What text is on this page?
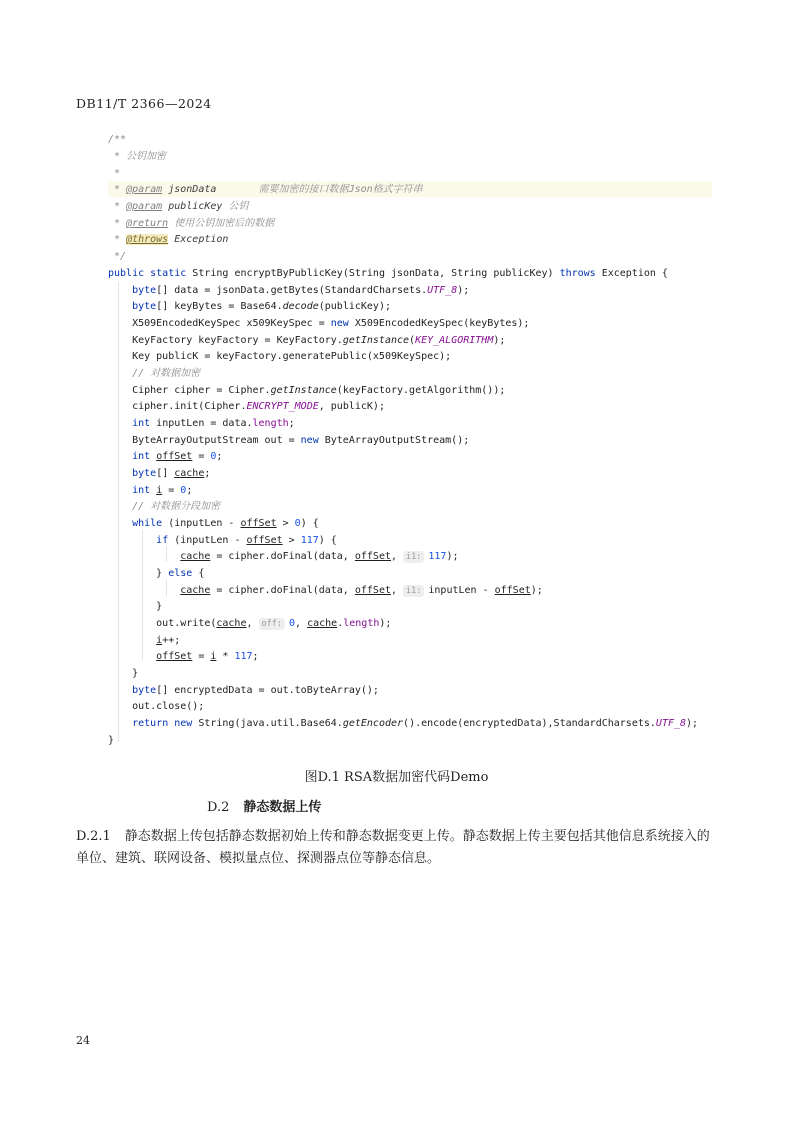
DB11/T 2366—2024
/**
* 公钥加密
*
* @param jsonData	需要加密的接口数据Json格式字符串
* @param publicKey 公钥
* @return 使用公钥加密后的数据
* @throws Exception
*/
public static String encryptByPublicKey(String jsonData, String publicKey) throws Exception {
byte[] data = jsonData.getBytes(StandardCharsets.UTF_8);
byte[] keyBytes = Base64.decode(publicKey);
X509EncodedKeySpec x509KeySpec = new X509EncodedKeySpec(keyBytes);
KeyFactory keyFactory = KeyFactory.getInstance(KEY_ALGORITHM);
Key publicK = keyFactory.generatePublic(x509KeySpec);
// 对数据加密
Cipher cipher = Cipher.getInstance(keyFactory.getAlgorithm());
cipher.init(Cipher.ENCRYPT_MODE, publicK);
int inputLen = data.length;
ByteArrayOutputStream out = new ByteArrayOutputStream();
int offSet = 0;
byte[] cache;
int i = 0;
// 对数据分段加密
while (inputLen - offSet > 0) {
if (inputLen - offSet > 117) {
cache = cipher.doFinal(data, offSet, i1: 117);
} else {
cache = cipher.doFinal(data, offSet, i1: inputLen - offSet);
}
out.write(cache, off: 0, cache.length);
i++;
offSet = i * 117;
}
byte[] encryptedData = out.toByteArray();
out.close();
return new String(java.util.Base64.getEncoder().encode(encryptedData),StandardCharsets.UTF_8);
}
图D.1 RSA数据加密代码Demo
D.2 静态数据上传
D.2.1 静态数据上传包括静态数据初始上传和静态数据变更上传。静态数据上传主要包括其他信息系统接入的单位、建筑、联网设备、模拟量点位、探测器点位等静态信息。
24
